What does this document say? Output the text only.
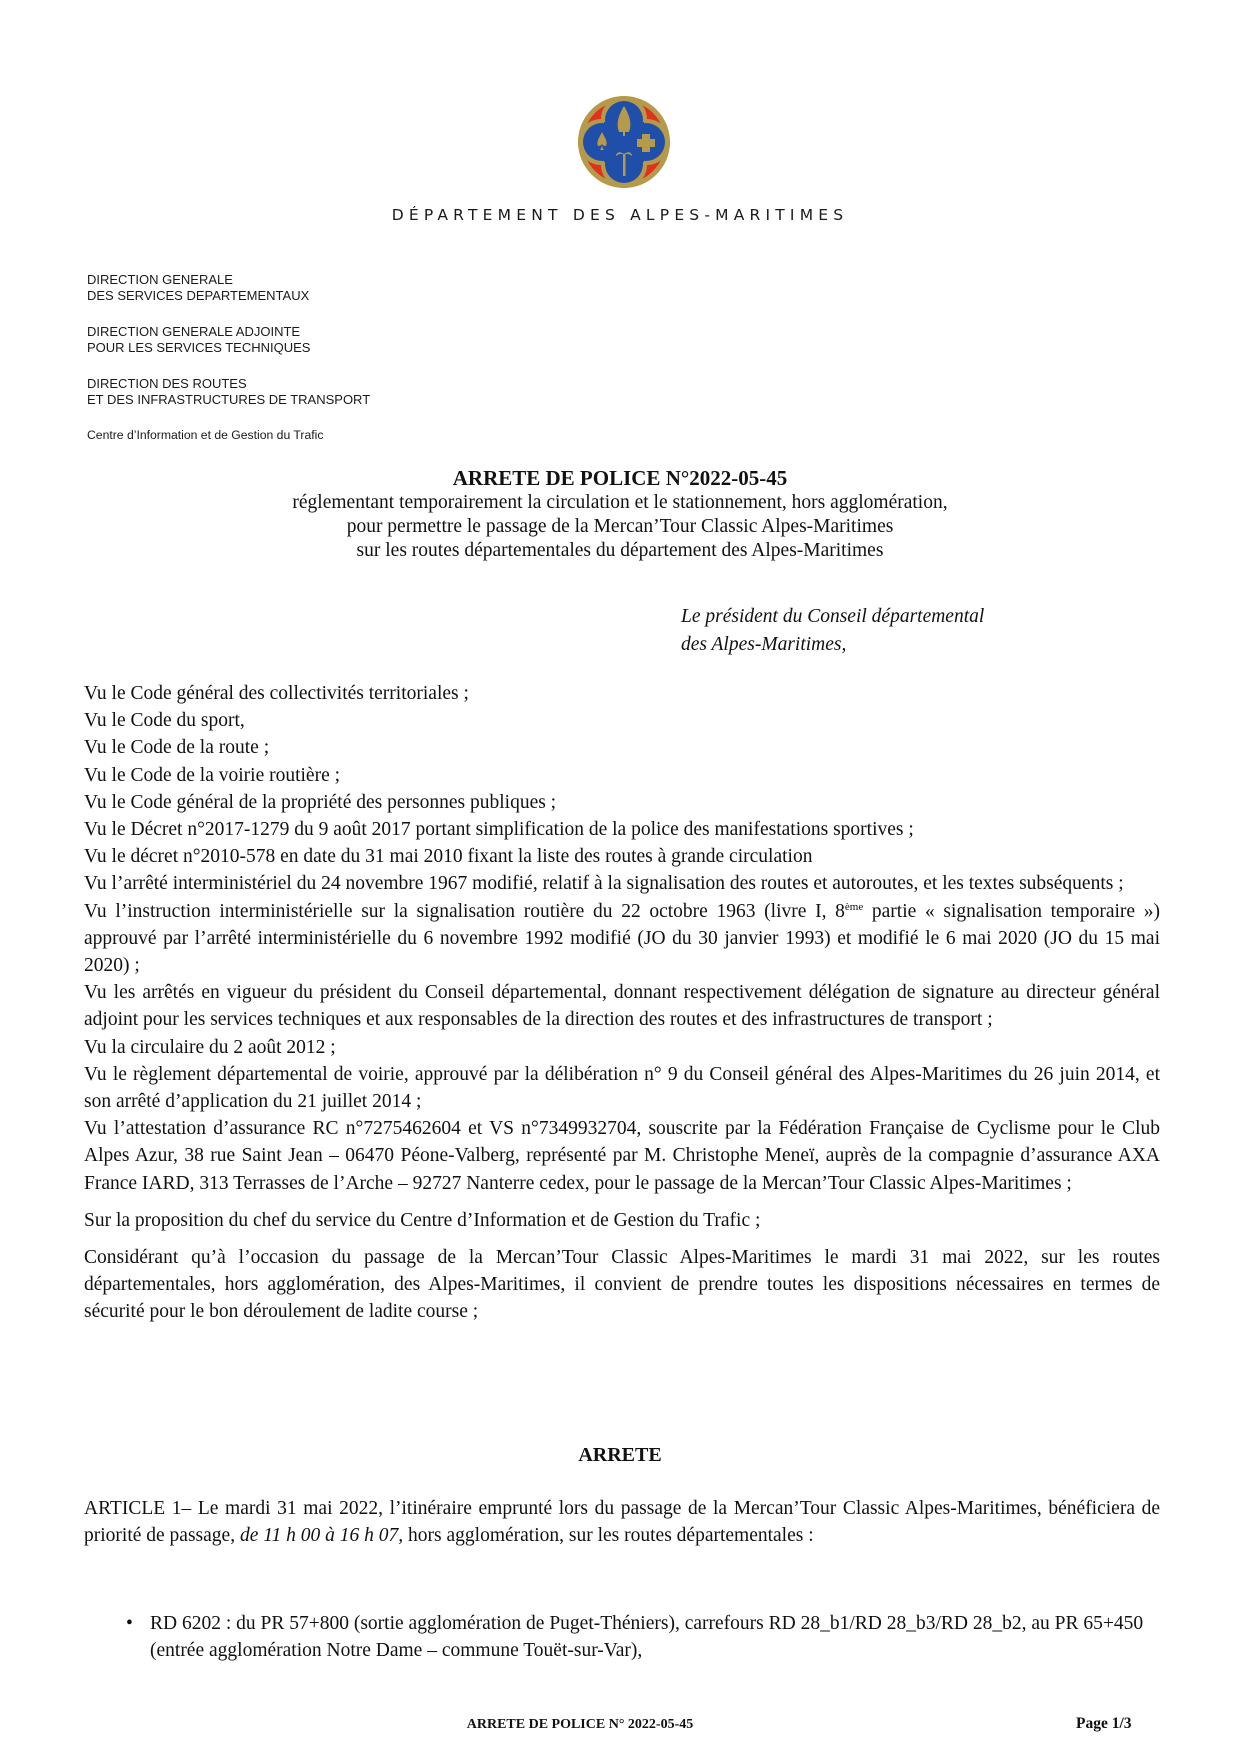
DÉPARTEMENT DES ALPES-MARITIMES
DIRECTION GENERALE
DES SERVICES DEPARTEMENTAUX
DIRECTION GENERALE ADJOINTE
POUR LES SERVICES TECHNIQUES
DIRECTION DES ROUTES
ET DES INFRASTRUCTURES DE TRANSPORT
Centre d’Information et de Gestion du Trafic
ARRETE DE POLICE N°2022-05-45
réglementant temporairement la circulation et le stationnement, hors agglomération,
pour permettre le passage de la Mercan’Tour Classic Alpes-Maritimes
sur les routes départementales du département des Alpes-Maritimes
Le président du Conseil départemental
des Alpes-Maritimes,

Vu le Code général des collectivités territoriales ;

Vu le Code du sport,

Vu le Code de la route ;

Vu le Code de la voirie routière ;

Vu le Code général de la propriété des personnes publiques ;

Vu le Décret n°2017-1279 du 9 août 2017 portant simplification de la police des manifestations sportives ;

Vu le décret n°2010-578 en date du 31 mai 2010 fixant la liste des routes à grande circulation

Vu l’arrêté interministériel du 24 novembre 1967 modifié, relatif à la signalisation des routes et autoroutes, et les textes subséquents ;

Vu l’instruction interministérielle sur la signalisation routière du 22 octobre 1963 (livre I, 8ème partie « signalisation temporaire ») approuvé par l’arrêté interministérielle du 6 novembre 1992 modifié (JO du 30 janvier 1993) et modifié le 6 mai 2020 (JO du 15 mai 2020) ;

Vu les arrêtés en vigueur du président du Conseil départemental, donnant respectivement délégation de signature au directeur général adjoint pour les services techniques et aux responsables de la direction des routes et des infrastructures de transport ;

Vu la circulaire du 2 août 2012 ;

Vu le règlement départemental de voirie, approuvé par la délibération n° 9 du Conseil général des Alpes-Maritimes du 26 juin 2014, et son arrêté d’application du 21 juillet 2014 ;

Vu l’attestation d’assurance RC n°7275462604 et VS n°7349932704, souscrite par la Fédération Française de Cyclisme pour le Club Alpes Azur, 38 rue Saint Jean – 06470 Péone-Valberg, représenté par M. Christophe Meneï, auprès de la compagnie d’assurance AXA France IARD, 313 Terrasses de l’Arche – 92727 Nanterre cedex, pour le passage de la Mercan’Tour Classic Alpes-Maritimes ;

Sur la proposition du chef du service du Centre d’Information et de Gestion du Trafic ;

Considérant qu’à l’occasion du passage de la Mercan’Tour Classic Alpes-Maritimes le mardi 31 mai 2022, sur les routes départementales, hors agglomération, des Alpes-Maritimes, il convient de prendre toutes les dispositions nécessaires en termes de sécurité pour le bon déroulement de ladite course ;

ARRETE
ARTICLE 1– Le mardi 31 mai 2022, l’itinéraire emprunté lors du passage de la Mercan’Tour Classic Alpes-Maritimes, bénéficiera de priorité de passage, de 11 h 00 à 16 h 07, hors agglomération, sur les routes départementales :
• RD 6202 : du PR 57+800 (sortie agglomération de Puget-Théniers), carrefours RD 28_b1/RD 28_b3/RD 28_b2, au PR 65+450 (entrée agglomération Notre Dame – commune Touët-sur-Var),
ARRETE DE POLICE N° 2022-05-45	Page 1/3
